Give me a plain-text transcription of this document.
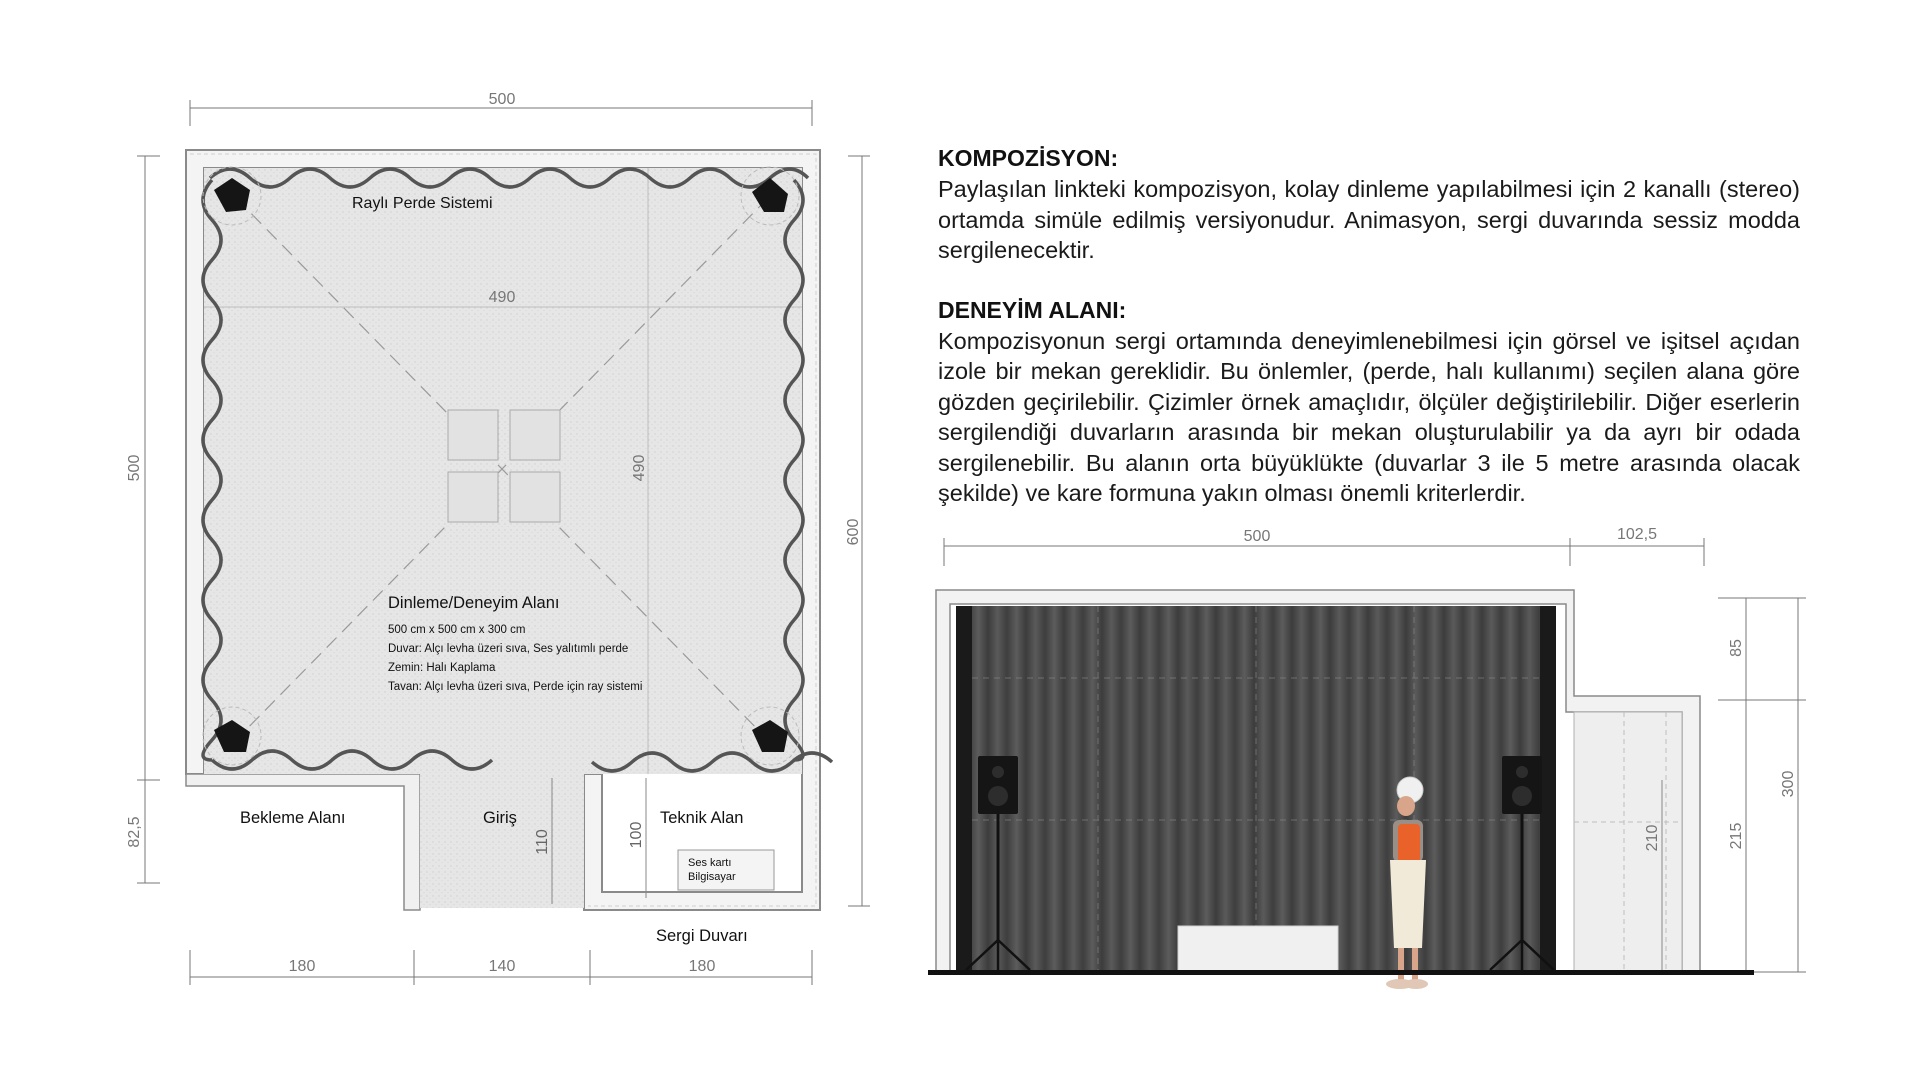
500
500
82,5
600
180	140	180
490
490
Raylı Perde Sistemi
Dinleme/Deneyim Alanı
500 cm x 500 cm x 300 cm
Duvar: Alçı levha üzeri sıva, Ses yalıtımlı perde
Zemin: Halı Kaplama
Tavan: Alçı levha üzeri sıva, Perde için ray sistemi
Bekleme Alanı	Giriş	Teknik Alan
Sergi Duvarı
110	100
Ses kartı
Bilgisayar
500	102,5
85
215
300
210
KOMPOZİSYON:

Paylaşılan linkteki kompozisyon, kolay dinleme yapılabilmesi için 2 kanallı (stereo) ortamda simüle edilmiş versiyonudur. Animasyon, sergi duvarında sessiz modda sergilenecektir.

DENEYİM ALANI:

Kompozisyonun sergi ortamında deneyimlenebilmesi için görsel ve işitsel açıdan izole bir mekan gereklidir. Bu önlemler, (perde, halı kullanımı) seçilen alana göre gözden geçirilebilir. Çizimler örnek amaçlıdır, ölçüler değiştirilebilir. Diğer eserlerin sergilendiği duvarların arasında bir mekan oluşturulabilir ya da ayrı bir odada sergilenebilir. Bu alanın orta büyüklükte (duvarlar 3 ile 5 metre arasında olacak şekilde) ve kare formuna yakın olması önemli kriterlerdir.
